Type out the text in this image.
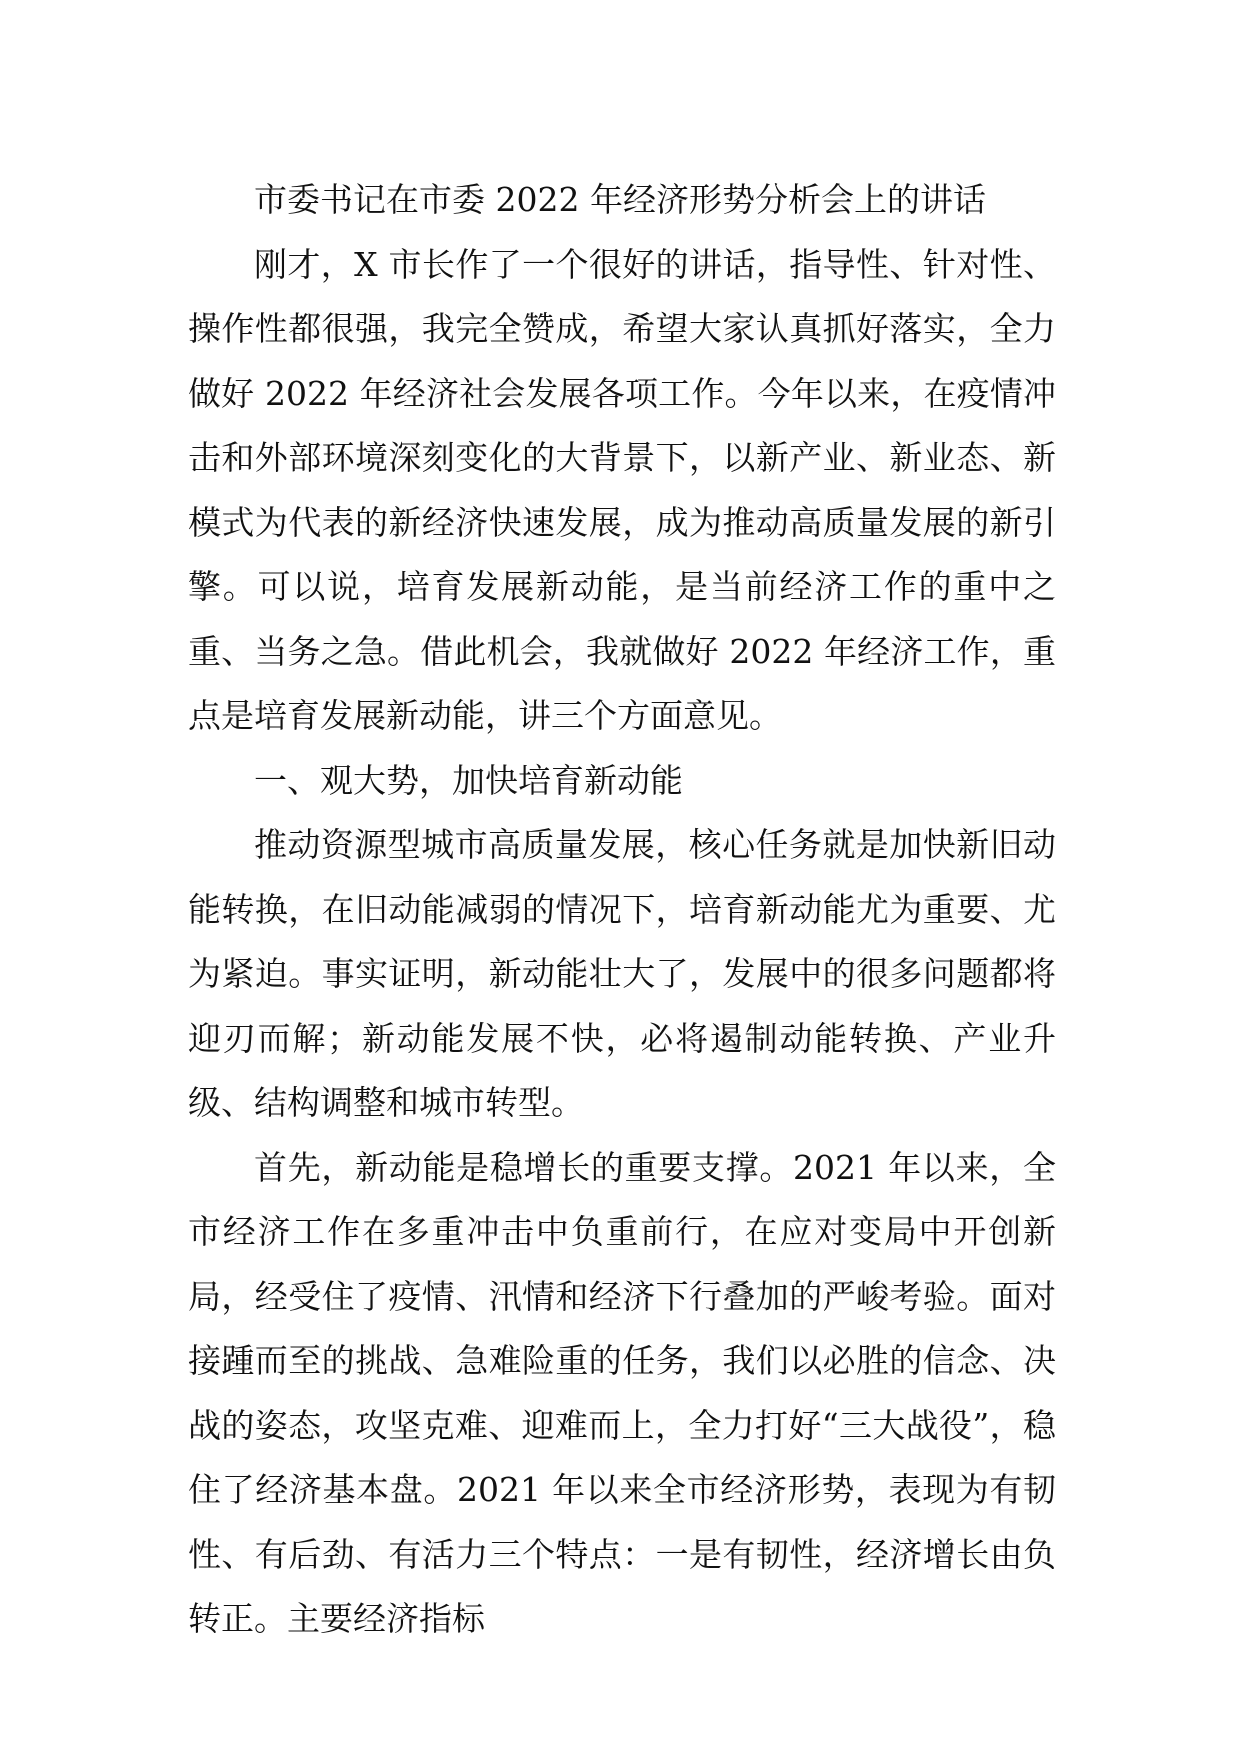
市委书记在市委 2022 年经济形势分析会上的讲话

刚才，X 市长作了一个很好的讲话，指导性、针对性、操作性都很强，我完全赞成，希望大家认真抓好落实，全力做好 2022 年经济社会发展各项工作。今年以来，在疫情冲击和外部环境深刻变化的大背景下，以新产业、新业态、新模式为代表的新经济快速发展，成为推动高质量发展的新引擎。可以说，培育发展新动能，是当前经济工作的重中之重、当务之急。借此机会，我就做好 2022 年经济工作，重点是培育发展新动能，讲三个方面意见。

一、观大势，加快培育新动能

推动资源型城市高质量发展，核心任务就是加快新旧动能转换，在旧动能减弱的情况下，培育新动能尤为重要、尤为紧迫。事实证明，新动能壮大了，发展中的很多问题都将迎刃而解；新动能发展不快，必将遏制动能转换、产业升级、结构调整和城市转型。

首先，新动能是稳增长的重要支撑。2021 年以来，全市经济工作在多重冲击中负重前行，在应对变局中开创新局，经受住了疫情、汛情和经济下行叠加的严峻考验。面对接踵而至的挑战、急难险重的任务，我们以必胜的信念、决战的姿态，攻坚克难、迎难而上，全力打好“三大战役”，稳住了经济基本盘。2021 年以来全市经济形势，表现为有韧性、有后劲、有活力三个特点：一是有韧性，经济增长由负转正。主要经济指标
